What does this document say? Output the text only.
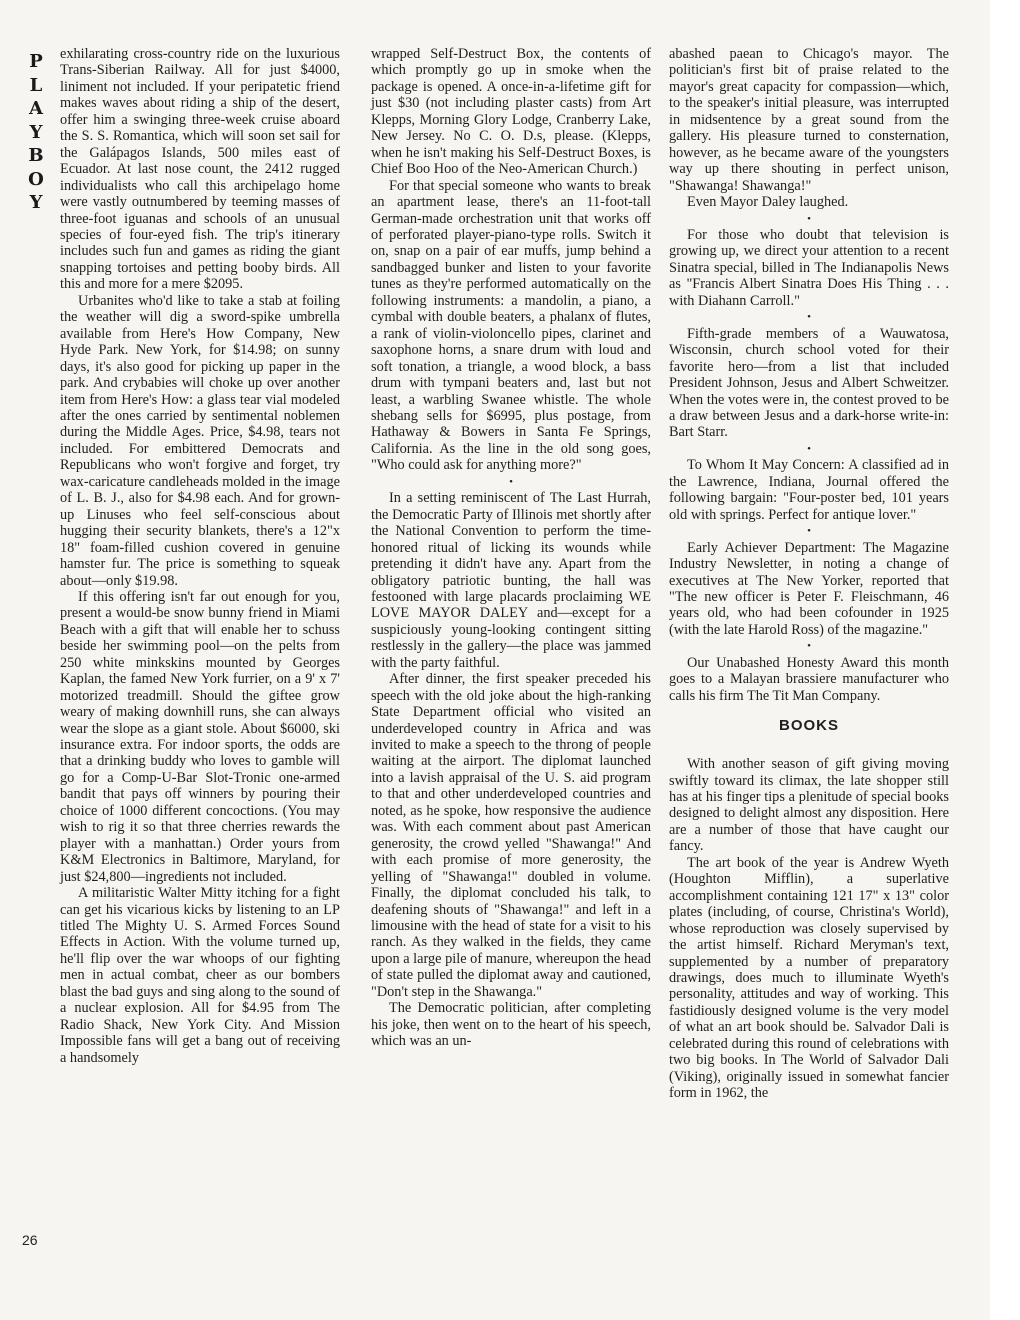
P
L
A
Y
B
O
Y
26

exhilarating cross-country ride on the luxurious Trans-Siberian Railway. All for just $4000, liniment not included. If your peripatetic friend makes waves about riding a ship of the desert, offer him a swinging three-week cruise aboard the S. S. Romantica, which will soon set sail for the Galápagos Islands, 500 miles east of Ecuador. At last nose count, the 2412 rugged individualists who call this archipelago home were vastly outnumbered by teeming masses of three-foot iguanas and schools of an unusual species of four-eyed fish. The trip's itinerary includes such fun and games as riding the giant snapping tortoises and petting booby birds. All this and more for a mere $2095.

Urbanites who'd like to take a stab at foiling the weather will dig a sword-spike umbrella available from Here's How Company, New Hyde Park. New York, for $14.98; on sunny days, it's also good for picking up paper in the park. And crybabies will choke up over another item from Here's How: a glass tear vial modeled after the ones carried by sentimental noblemen during the Middle Ages. Price, $4.98, tears not included. For embittered Democrats and Republicans who won't forgive and forget, try wax-caricature candleheads molded in the image of L. B. J., also for $4.98 each. And for grown-up Linuses who feel self-conscious about hugging their security blankets, there's a 12"x 18" foam-filled cushion covered in genuine hamster fur. The price is something to squeak about—only $19.98.

If this offering isn't far out enough for you, present a would-be snow bunny friend in Miami Beach with a gift that will enable her to schuss beside her swimming pool—on the pelts from 250 white minkskins mounted by Georges Kaplan, the famed New York furrier, on a 9' x 7' motorized treadmill. Should the giftee grow weary of making downhill runs, she can always wear the slope as a giant stole. About $6000, ski insurance extra. For indoor sports, the odds are that a drinking buddy who loves to gamble will go for a Comp-U-Bar Slot-Tronic one-armed bandit that pays off winners by pouring their choice of 1000 different concoctions. (You may wish to rig it so that three cherries rewards the player with a manhattan.) Order yours from K&M Electronics in Baltimore, Maryland, for just $24,800—ingredients not included.

A militaristic Walter Mitty itching for a fight can get his vicarious kicks by listening to an LP titled The Mighty U. S. Armed Forces Sound Effects in Action. With the volume turned up, he'll flip over the war whoops of our fighting men in actual combat, cheer as our bombers blast the bad guys and sing along to the sound of a nuclear explosion. All for $4.95 from The Radio Shack, New York City. And Mission Impossible fans will get a bang out of receiving a handsomely

wrapped Self-Destruct Box, the contents of which promptly go up in smoke when the package is opened. A once-in-a-lifetime gift for just $30 (not including plaster casts) from Art Klepps, Morning Glory Lodge, Cranberry Lake, New Jersey. No C. O. D.s, please. (Klepps, when he isn't making his Self-Destruct Boxes, is Chief Boo Hoo of the Neo-American Church.)

For that special someone who wants to break an apartment lease, there's an 11-foot-tall German-made orchestration unit that works off of perforated player-piano-type rolls. Switch it on, snap on a pair of ear muffs, jump behind a sandbagged bunker and listen to your favorite tunes as they're performed automatically on the following instruments: a mandolin, a piano, a cymbal with double beaters, a phalanx of flutes, a rank of violin-violoncello pipes, clarinet and saxophone horns, a snare drum with loud and soft tonation, a triangle, a wood block, a bass drum with tympani beaters and, last but not least, a warbling Swanee whistle. The whole shebang sells for $6995, plus postage, from Hathaway & Bowers in Santa Fe Springs, California. As the line in the old song goes, "Who could ask for anything more?"

•

In a setting reminiscent of The Last Hurrah, the Democratic Party of Illinois met shortly after the National Convention to perform the time-honored ritual of licking its wounds while pretending it didn't have any. Apart from the obligatory patriotic bunting, the hall was festooned with large placards proclaiming WE LOVE MAYOR DALEY and—except for a suspiciously young-looking contingent sitting restlessly in the gallery—the place was jammed with the party faithful.

After dinner, the first speaker preceded his speech with the old joke about the high-ranking State Department official who visited an underdeveloped country in Africa and was invited to make a speech to the throng of people waiting at the airport. The diplomat launched into a lavish appraisal of the U. S. aid program to that and other underdeveloped countries and noted, as he spoke, how responsive the audience was. With each comment about past American generosity, the crowd yelled "Shawanga!" And with each promise of more generosity, the yelling of "Shawanga!" doubled in volume. Finally, the diplomat concluded his talk, to deafening shouts of "Shawanga!" and left in a limousine with the head of state for a visit to his ranch. As they walked in the fields, they came upon a large pile of manure, whereupon the head of state pulled the diplomat away and cautioned, "Don't step in the Shawanga."

The Democratic politician, after completing his joke, then went on to the heart of his speech, which was an un-

abashed paean to Chicago's mayor. The politician's first bit of praise related to the mayor's great capacity for compassion—which, to the speaker's initial pleasure, was interrupted in midsentence by a great sound from the gallery. His pleasure turned to consternation, however, as he became aware of the youngsters way up there shouting in perfect unison, "Shawanga! Shawanga!"

Even Mayor Daley laughed.

•

For those who doubt that television is growing up, we direct your attention to a recent Sinatra special, billed in The Indianapolis News as "Francis Albert Sinatra Does His Thing . . . with Diahann Carroll."

•

Fifth-grade members of a Wauwatosa, Wisconsin, church school voted for their favorite hero—from a list that included President Johnson, Jesus and Albert Schweitzer. When the votes were in, the contest proved to be a draw between Jesus and a dark-horse write-in: Bart Starr.

•

To Whom It May Concern: A classified ad in the Lawrence, Indiana, Journal offered the following bargain: "Four-poster bed, 101 years old with springs. Perfect for antique lover."

•

Early Achiever Department: The Magazine Industry Newsletter, in noting a change of executives at The New Yorker, reported that "The new officer is Peter F. Fleischmann, 46 years old, who had been cofounder in 1925 (with the late Harold Ross) of the magazine."

•

Our Unabashed Honesty Award this month goes to a Malayan brassiere manufacturer who calls his firm The Tit Man Company.

BOOKS

With another season of gift giving moving swiftly toward its climax, the late shopper still has at his finger tips a plenitude of special books designed to delight almost any disposition. Here are a number of those that have caught our fancy.

The art book of the year is Andrew Wyeth (Houghton Mifflin), a superlative accomplishment containing 121 17" x 13" color plates (including, of course, Christina's World), whose reproduction was closely supervised by the artist himself. Richard Meryman's text, supplemented by a number of preparatory drawings, does much to illuminate Wyeth's personality, attitudes and way of working. This fastidiously designed volume is the very model of what an art book should be. Salvador Dali is celebrated during this round of celebrations with two big books. In The World of Salvador Dali (Viking), originally issued in somewhat fancier form in 1962, the
